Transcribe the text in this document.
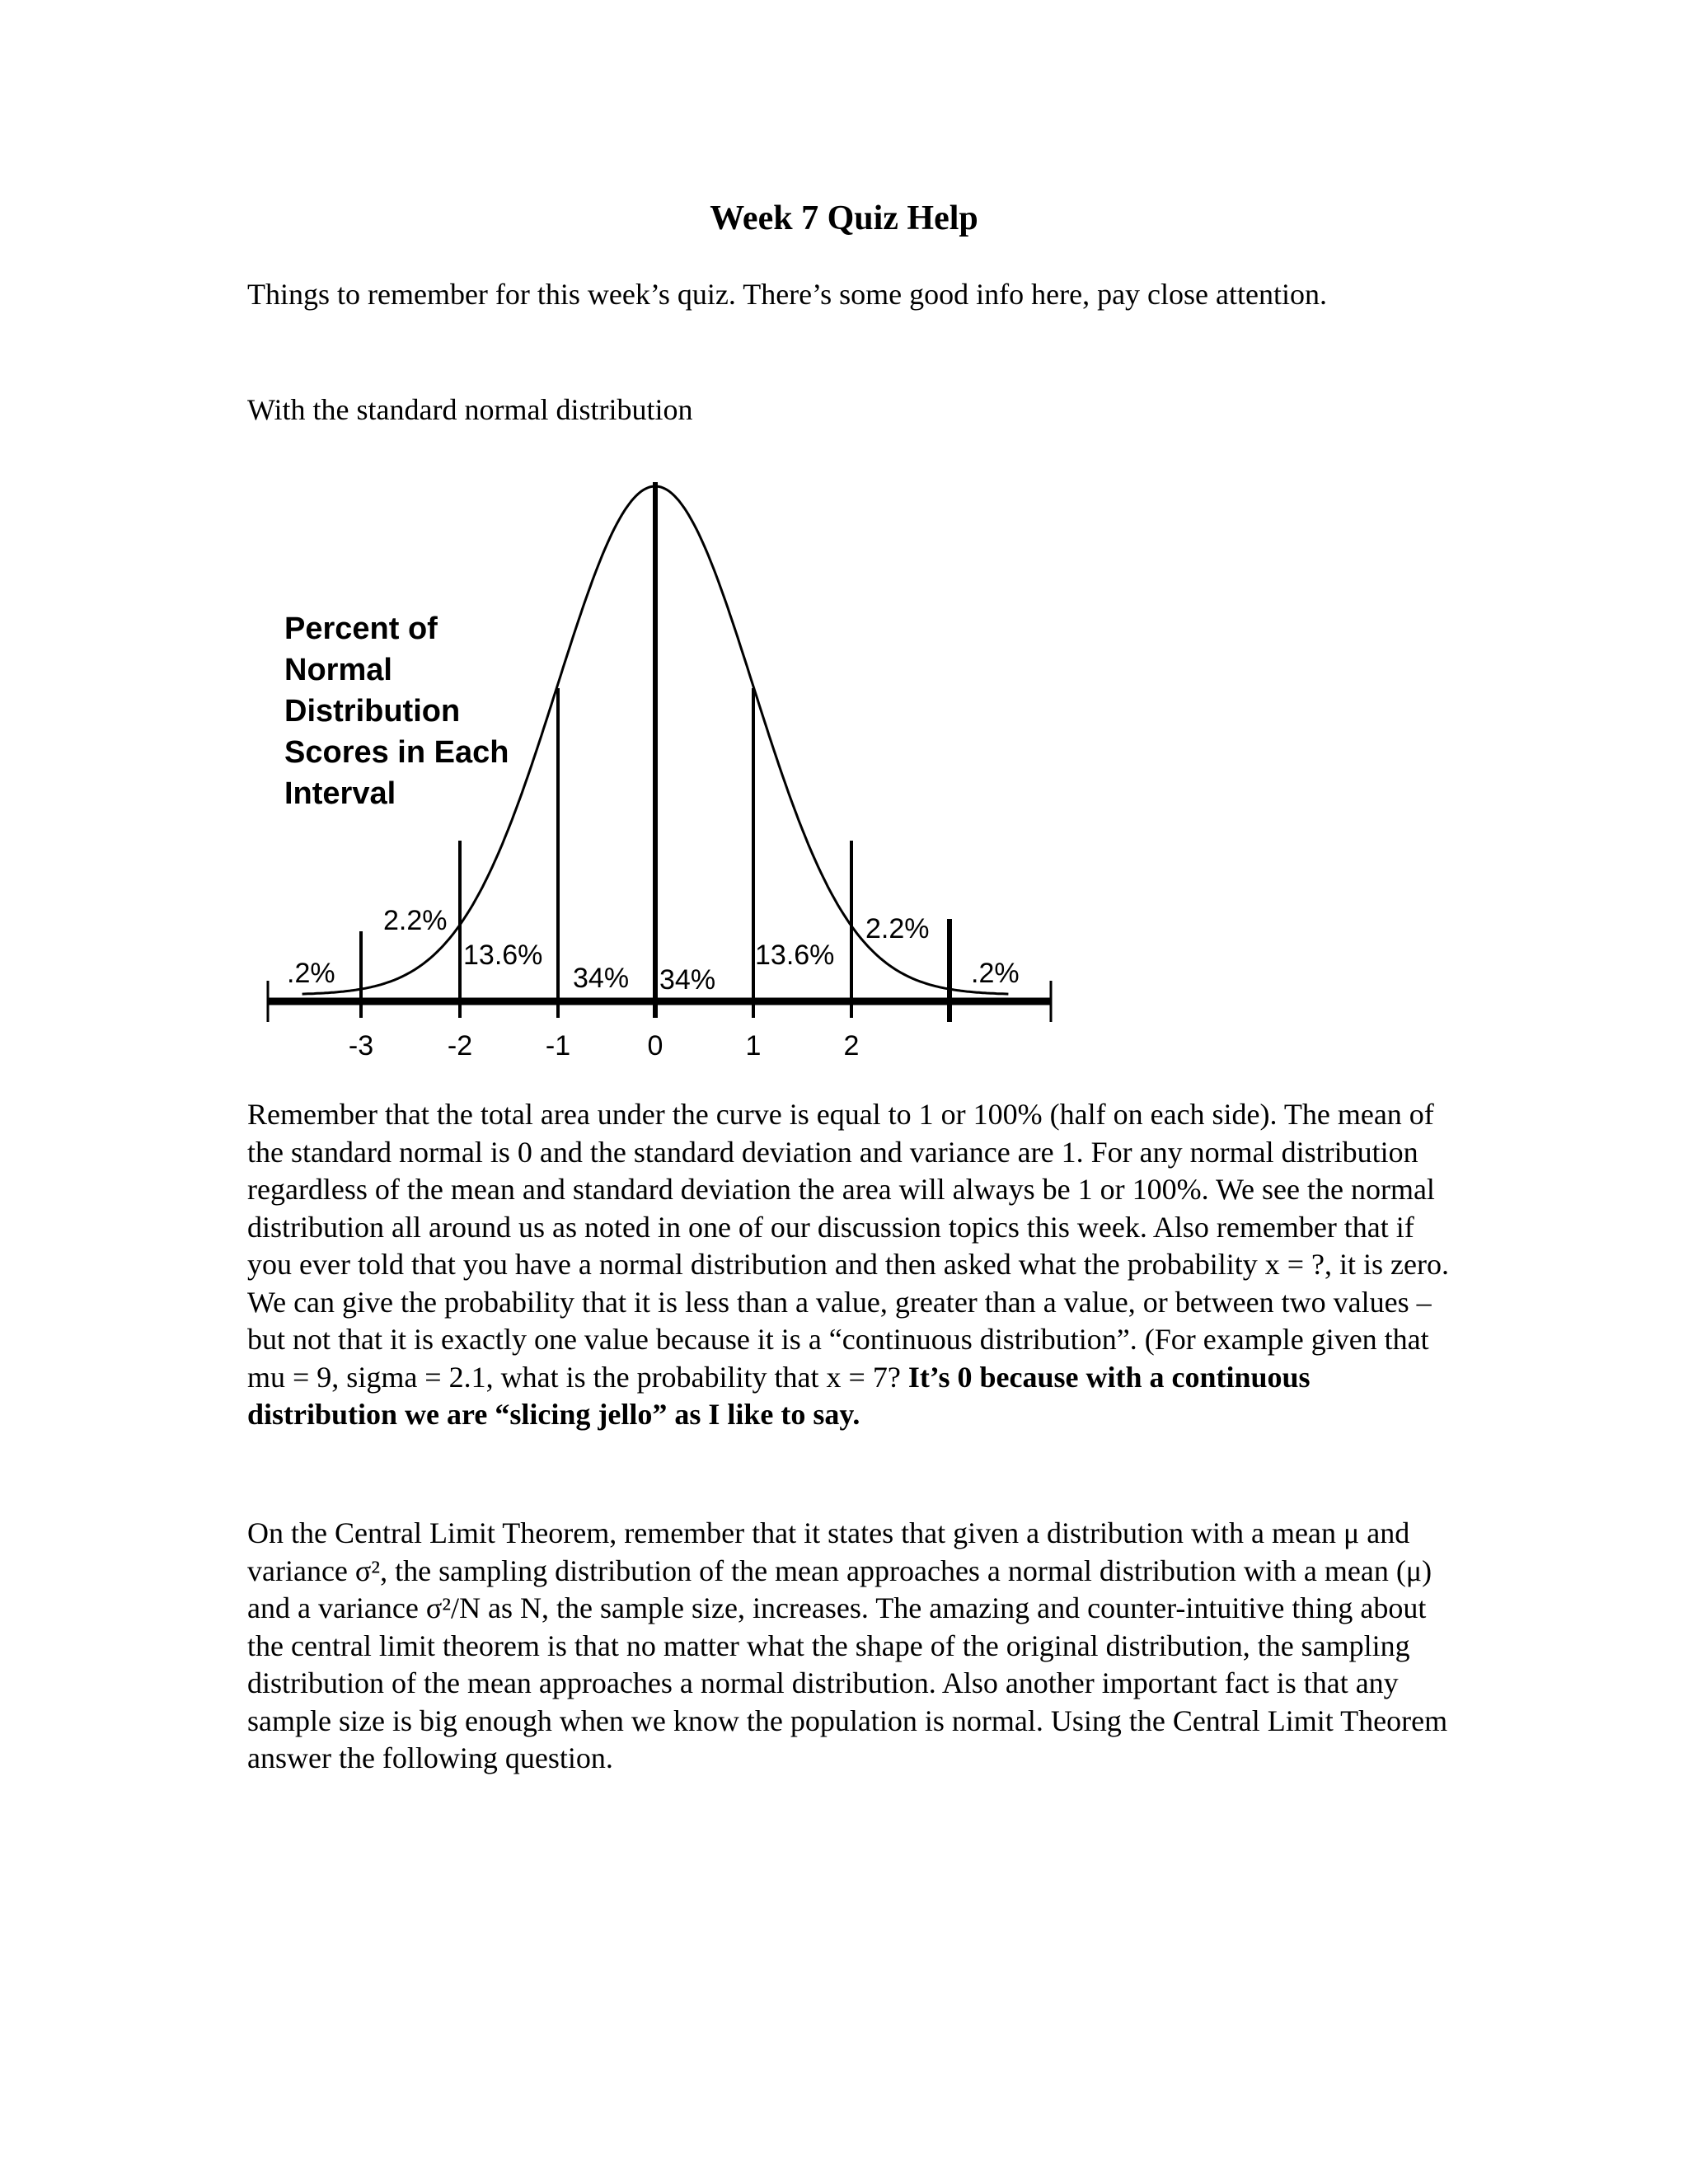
Week 7 Quiz Help
Things to remember for this week’s quiz. There’s some good info here, pay close attention.
With the standard normal distribution
Percent of
Normal
Distribution
Scores in Each
Interval
.2%
2.2%
13.6%
34% 34%
13.6%
2.2%
.2%
-3	-2	-1	0	1	2
Remember that the total area under the curve is equal to 1 or 100% (half on each side). The mean of the standard normal is 0 and the standard deviation and variance are 1. For any normal distribution regardless of the mean and standard deviation the area will always be 1 or 100%. We see the normal distribution all around us as noted in one of our discussion topics this week. Also remember that if you ever told that you have a normal distribution and then asked what the probability x = ?, it is zero. We can give the probability that it is less than a value, greater than a value, or between two values – but not that it is exactly one value because it is a “continuous distribution”. (For example given that mu = 9, sigma = 2.1, what is the probability that x = 7? It’s 0 because with a continuous distribution we are “slicing jello” as I like to say.
On the Central Limit Theorem, remember that it states that given a distribution with a mean μ and variance σ², the sampling distribution of the mean approaches a normal distribution with a mean (μ) and a variance σ²/N as N, the sample size, increases. The amazing and counter-intuitive thing about the central limit theorem is that no matter what the shape of the original distribution, the sampling distribution of the mean approaches a normal distribution. Also another important fact is that any sample size is big enough when we know the population is normal. Using the Central Limit Theorem answer the following question.
